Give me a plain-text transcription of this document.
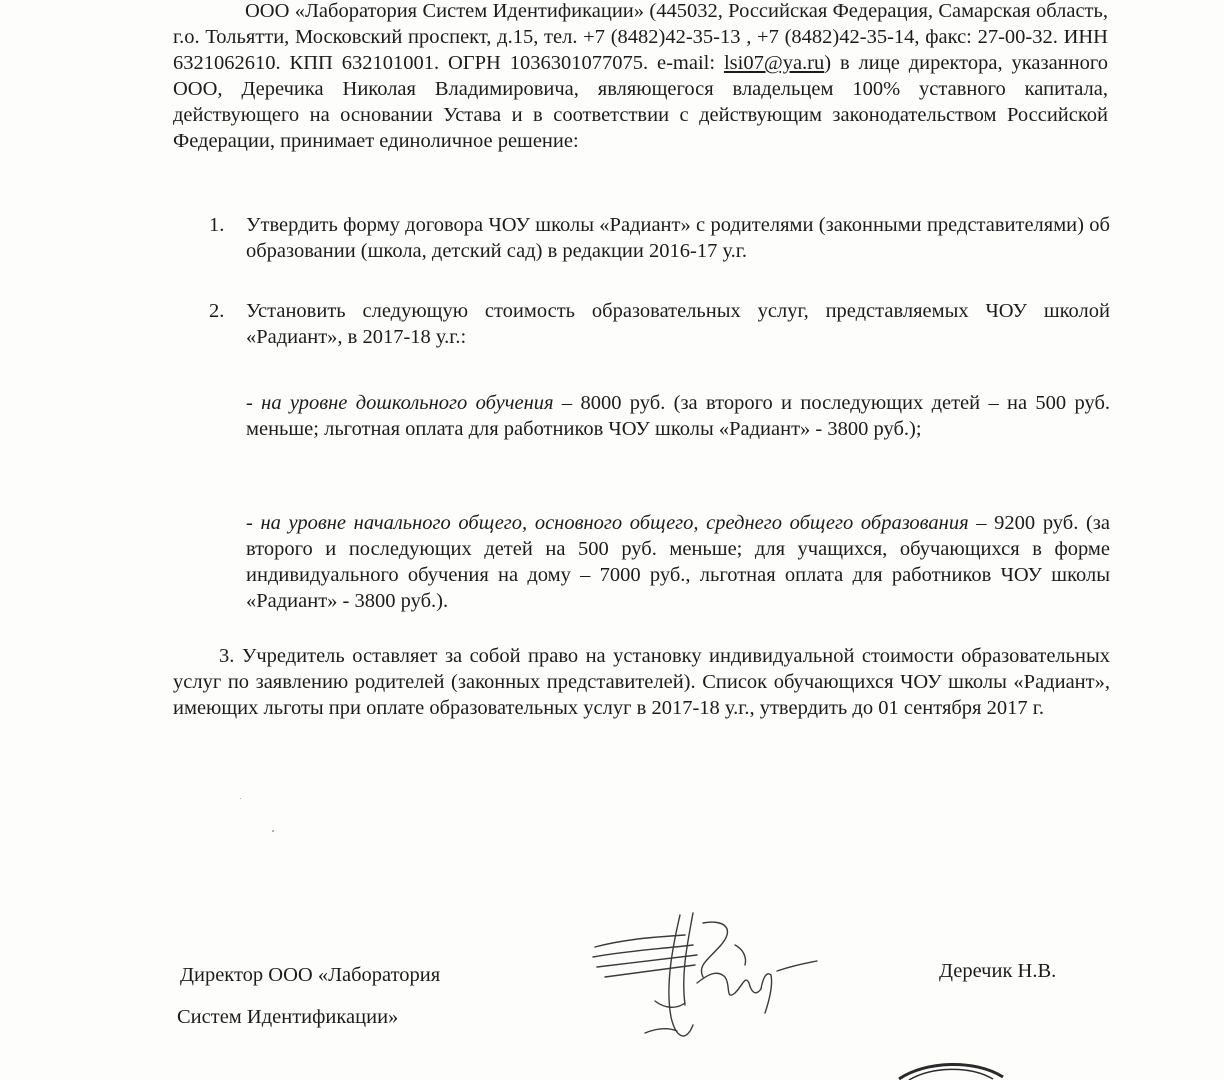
ООО «Лаборатория Систем Идентификации» (445032, Российская Федерация, Самарская область, г.о. Тольятти, Московский проспект, д.15, тел. +7 (8482)42-35-13 , +7 (8482)42-35-14, факс: 27-00-32. ИНН 6321062610. КПП 632101001. ОГРН 1036301077075. e-mail: lsi07@ya.ru) в лице директора, указанного ООО, Деречика Николая Владимировича, являющегося владельцем 100% уставного капитала, действующего на основании Устава и в соответствии с действующим законодательством Российской Федерации, принимает единоличное решение:

1. Утвердить форму договора ЧОУ школы «Радиант» с родителями (законными представителями) об образовании (школа, детский сад) в редакции 2016-17 у.г.
2. Установить следующую стоимость образовательных услуг, представляемых ЧОУ школой «Радиант», в 2017-18 у.г.:
- на уровне дошкольного обучения – 8000 руб. (за второго и последующих детей – на 500 руб. меньше; льготная оплата для работников ЧОУ школы «Радиант» - 3800 руб.);
- на уровне начального общего, основного общего, среднего общего образования – 9200 руб. (за второго и последующих детей на 500 руб. меньше; для учащихся, обучающихся в форме индивидуального обучения на дому – 7000 руб., льготная оплата для работников ЧОУ школы «Радиант» - 3800 руб.).

3. Учредитель оставляет за собой право на установку индивидуальной стоимости образовательных услуг по заявлению родителей (законных представителей). Список обучающихся ЧОУ школы «Радиант», имеющих льготы при оплате образовательных услуг в 2017-18 у.г., утвердить до 01 сентября 2017 г.

Директор ООО «Лаборатория
Систем Идентификации»
Деречик Н.В.
